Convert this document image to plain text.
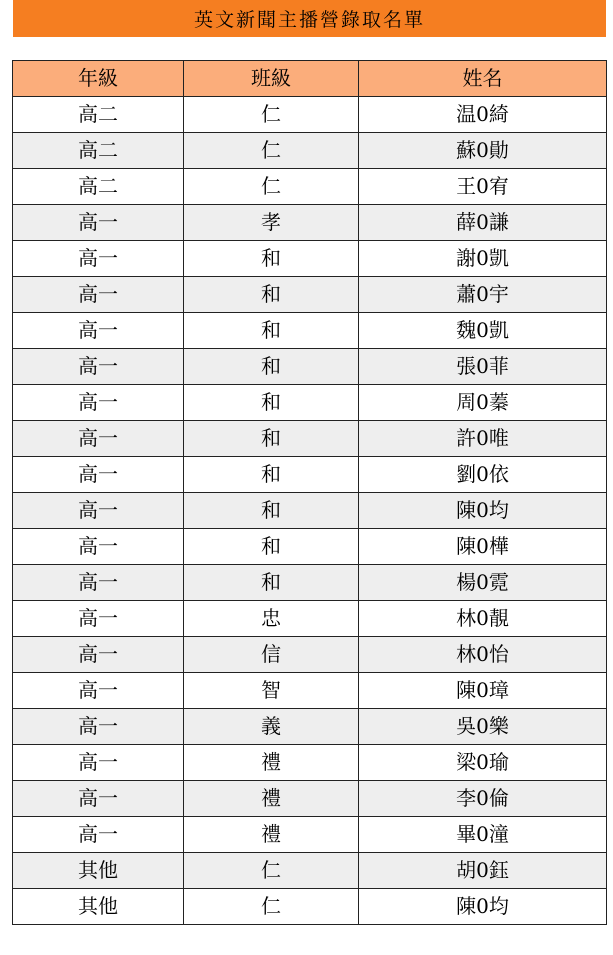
英文新聞主播營錄取名單
年級	班級	姓名
高二	仁	温0綺
高二	仁	蘇0勛
高二	仁	王0宥
高一	孝	薛0謙
高一	和	謝0凱
高一	和	蕭0宇
高一	和	魏0凱
高一	和	張0菲
高一	和	周0蓁
高一	和	許0唯
高一	和	劉0依
高一	和	陳0均
高一	和	陳0樺
高一	和	楊0霓
高一	忠	林0靚
高一	信	林0怡
高一	智	陳0璋
高一	義	吳0樂
高一	禮	梁0瑜
高一	禮	李0倫
高一	禮	畢0潼
其他	仁	胡0鈺
其他	仁	陳0均
